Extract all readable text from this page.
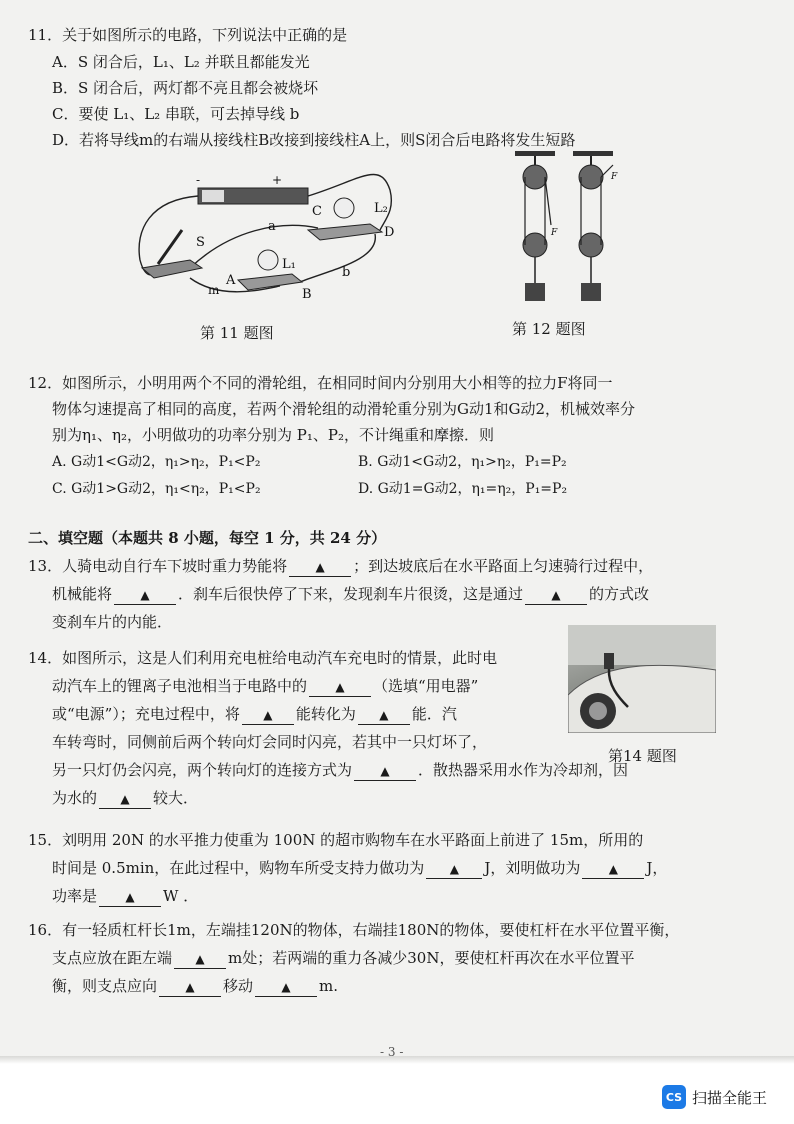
11．关于如图所示的电路，下列说法中正确的是
A．S 闭合后，L₁、L₂ 并联且都能发光
B．S 闭合后，两灯都不亮且都会被烧坏
C．要使 L₁、L₂ 串联，可去掉导线 b
D．若将导线m的右端从接线柱B改接到接线柱A上，则S闭合后电路将发生短路
-	+
S
C	L₂
D
a
L₁
A
B
b
m
第 11 题图
F
F
第 12 题图
12．如图所示，小明用两个不同的滑轮组，在相同时间内分别用大小相等的拉力F将同一
物体匀速提高了相同的高度，若两个滑轮组的动滑轮重分别为G动1和G动2，机械效率分
别为η₁、η₂，小明做功的功率分别为 P₁、P₂，不计绳重和摩擦．则
A. G动1<G动2，η₁>η₂，P₁<P₂	B. G动1<G动2，η₁>η₂，P₁=P₂
C. G动1>G动2，η₁<η₂，P₁<P₂	D. G动1=G动2，η₁=η₂，P₁=P₂
二、填空题（本题共 8 小题，每空 1 分，共 24 分）
13．人骑电动自行车下坡时重力势能将 ▲ ；到达坡底后在水平路面上匀速骑行过程中，
机械能将 ▲ ．刹车后很快停了下来，发现刹车片很烫，这是通过 ▲ 的方式改
变刹车片的内能．
14．如图所示，这是人们利用充电桩给电动汽车充电时的情景，此时电
动汽车上的锂离子电池相当于电路中的 ▲ （选填“用电器”
或“电源”）；充电过程中，将 ▲ 能转化为 ▲ 能．汽
车转弯时，同侧前后两个转向灯会同时闪亮，若其中一只灯坏了，
另一只灯仍会闪亮，两个转向灯的连接方式为 ▲ ．散热器采用水作为冷却剂，因
为水的 ▲ 较大．
第14 题图
15．刘明用 20N 的水平推力使重为 100N 的超市购物车在水平路面上前进了 15m，所用的
时间是 0.5min，在此过程中，购物车所受支持力做功为 ▲ J，刘明做功为 ▲ J，
功率是 ▲ W ．
16．有一轻质杠杆长1m，左端挂120N的物体，右端挂180N的物体，要使杠杆在水平位置平衡，
支点应放在距左端 ▲ m处；若两端的重力各减少30N，要使杠杆再次在水平位置平
衡，则支点应向 ▲ 移动 ▲ m.
- 3 -
CS 扫描全能王
